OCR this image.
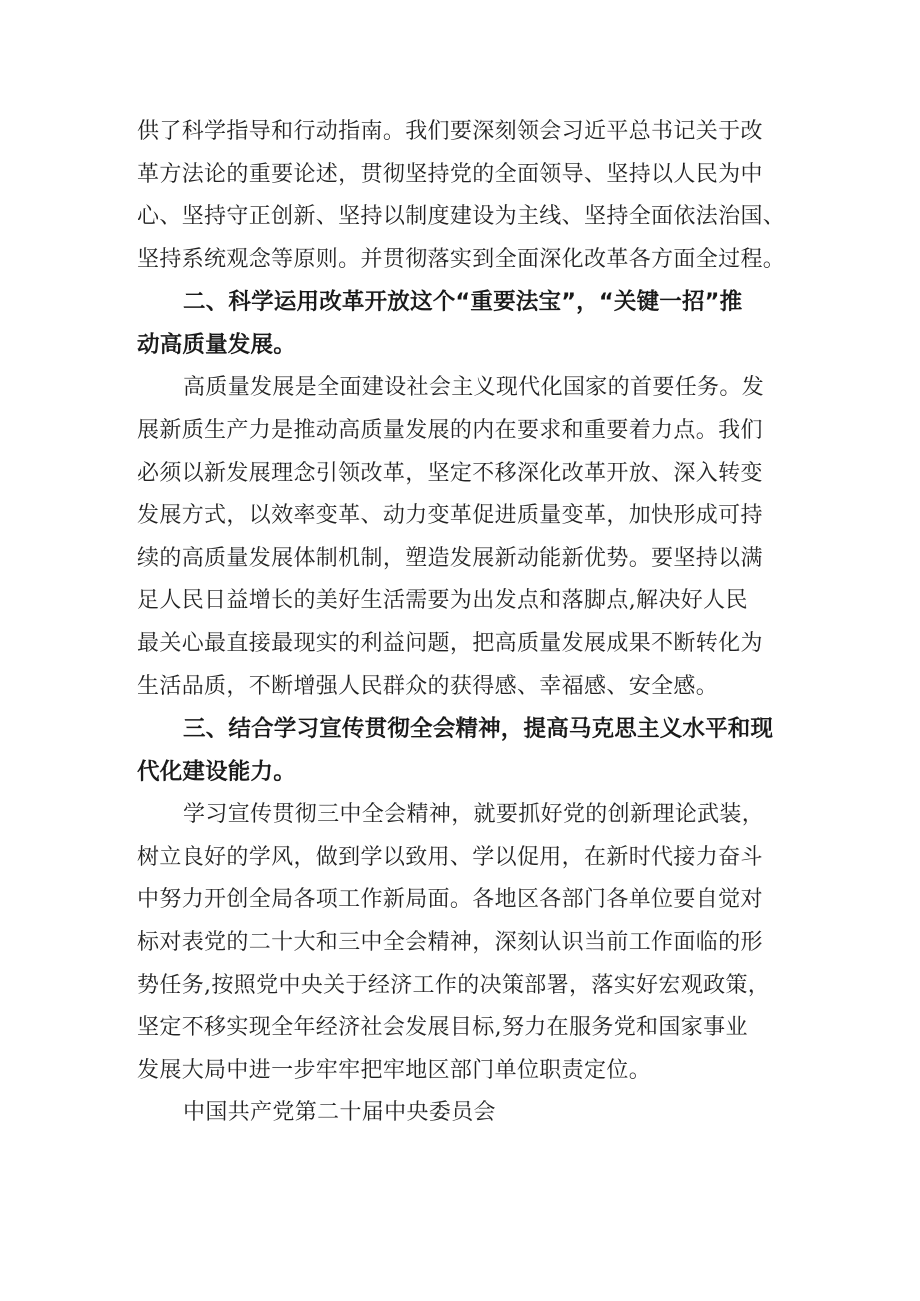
供了科学指导和行动指南。我们要深刻领会习近平总书记关于改
革方法论的重要论述，贯彻坚持党的全面领导、坚持以人民为中
心、坚持守正创新、坚持以制度建设为主线、坚持全面依法治国、
坚持系统观念等原则。并贯彻落实到全面深化改革各方面全过程。
二、科学运用改革开放这个“重要法宝”，“关键一招”推
动高质量发展。
高质量发展是全面建设社会主义现代化国家的首要任务。发
展新质生产力是推动高质量发展的内在要求和重要着力点。我们
必须以新发展理念引领改革，坚定不移深化改革开放、深入转变
发展方式，以效率变革、动力变革促进质量变革，加快形成可持
续的高质量发展体制机制，塑造发展新动能新优势。要坚持以满
足人民日益增长的美好生活需要为出发点和落脚点,解决好人民
最关心最直接最现实的利益问题，把高质量发展成果不断转化为
生活品质，不断增强人民群众的获得感、幸福感、安全感。
三、结合学习宣传贯彻全会精神，提高马克思主义水平和现
代化建设能力。
学习宣传贯彻三中全会精神，就要抓好党的创新理论武装，
树立良好的学风，做到学以致用、学以促用，在新时代接力奋斗
中努力开创全局各项工作新局面。各地区各部门各单位要自觉对
标对表党的二十大和三中全会精神，深刻认识当前工作面临的形
势任务,按照党中央关于经济工作的决策部署，落实好宏观政策，
坚定不移实现全年经济社会发展目标,努力在服务党和国家事业
发展大局中进一步牢牢把牢地区部门单位职责定位。
中国共产党第二十届中央委员会
